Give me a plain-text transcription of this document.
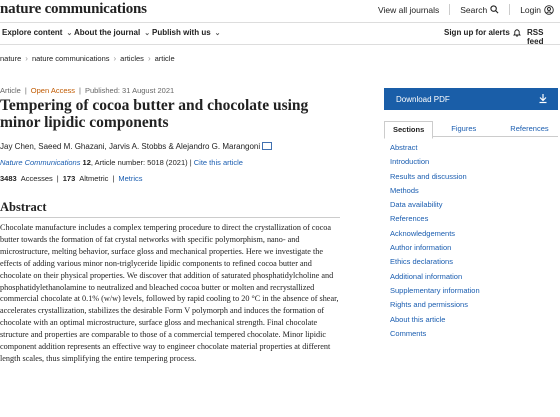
nature communications	View all journals Search	Login
Explore content ⌄ About the journal ⌄ Publish with us ⌄	Sign up for alerts RSS feed
nature › nature communications › articles › article
Article | Open Access | Published: 31 August 2021
Tempering of cocoa butter and chocolate using minor lipidic components
Jay Chen, Saeed M. Ghazani, Jarvis A. Stobbs & Alejandro G. Marangoni
Nature Communications 12, Article number: 5018 (2021) | Cite this article
3483 Accesses | 173 Altmetric | Metrics
Abstract
Chocolate manufacture includes a complex tempering procedure to direct the crystallization of cocoa butter towards the formation of fat crystal networks with specific polymorphism, nano- and microstructure, melting behavior, surface gloss and mechanical properties. Here we investigate the effects of adding various minor non-triglyceride lipidic components to refined cocoa butter and chocolate on their physical properties. We discover that addition of saturated phosphatidylcholine and phosphatidylethanolamine to neutralized and bleached cocoa butter or molten and recrystallized commercial chocolate at 0.1% (w/w) levels, followed by rapid cooling to 20 °C in the absence of shear, accelerates crystallization, stabilizes the desirable Form V polymorph and induces the formation of chocolate with an optimal microstructure, surface gloss and mechanical strength. Final chocolate structure and properties are comparable to those of a commercial tempered chocolate. Minor lipidic component addition represents an effective way to engineer chocolate material properties at different length scales, thus simplifying the entire tempering process.
Download PDF
Sections	Figures	References
Abstract
Introduction
Results and discussion
Methods
Data availability
References
Acknowledgements
Author information
Ethics declarations
Additional information
Supplementary information
Rights and permissions
About this article
Comments
